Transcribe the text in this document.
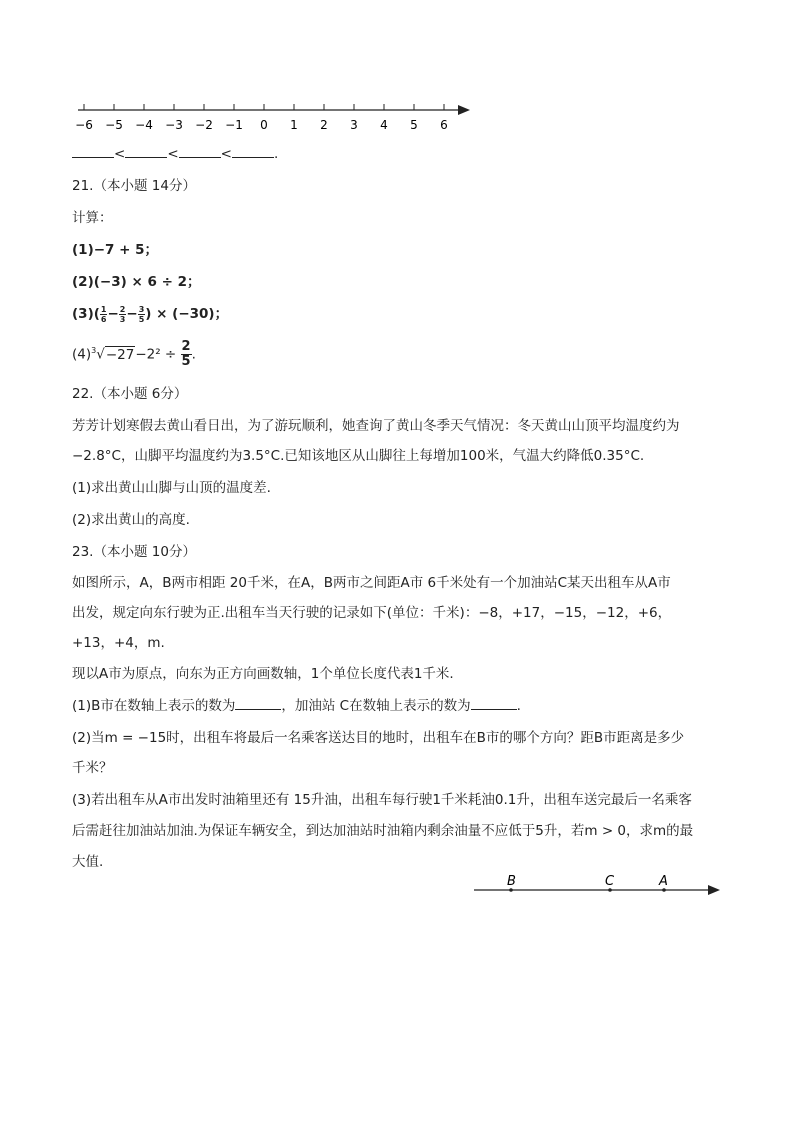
−6 −5 −4 −3 −2 −1 0 1 2 3 4 5 6
<	<	<	.
21.（本小题 14分）
计算：
(1)−7 + 5；
(2)(−3) × 6 ÷ 2；
$(3)( \frac{1}{6} - \frac{2}{3} - \frac{3}{5}$ ) × (−30)；
$(4)^3√-27-2^2 \div \frac{2}{5}$ .
22.（本小题 6分）
芳芳计划寒假去黄山看日出，为了游玩顺利，她查询了黄山冬季天气情况：冬天黄山山顶平均温度约为
−2.8°C，山脚平均温度约为3.5°C.已知该地区从山脚往上每增加100米，气温大约降低0.35°C.
(1)求出黄山山脚与山顶的温度差.
(2)求出黄山的高度.
23.（本小题 10分）
如图所示，A，B两市相距 20千米，在A，B两市之间距A市 6千米处有一个加油站C某天出租车从A市
出发，规定向东行驶为正.出租车当天行驶的记录如下(单位：千米)：−8，+17，−15，−12，+6，
+13，+4，m.
现以A市为原点，向东为正方向画数轴，1个单位长度代表1千米.
(1)B市在数轴上表示的数为	，加油站 C在数轴上表示的数为	.
(2)当m = −15时，出租车将最后一名乘客送达目的地时，出租车在B市的哪个方向？距B市距离是多少
千米？
(3)若出租车从A市出发时油箱里还有 15升油，出租车每行驶1千米耗油0.1升，出租车送完最后一名乘客
后需赶往加油站加油.为保证车辆安全，到达加油站时油箱内剩余油量不应低于5升，若m > 0，求m的最
大值.
B	C	A
